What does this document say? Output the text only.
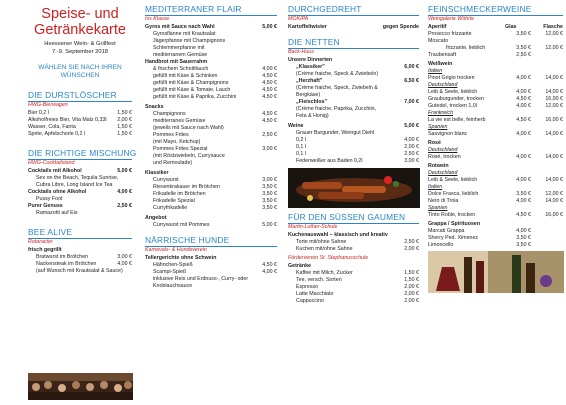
Speise- und
Getränkekarte
Heessener Wein- & Grillfest
7.-9. September 2018
WÄHLEN SIE NACH IHREN
WÜNSCHEN
DIE DURSTLÖSCHER
HWG-Bierwagen
Bier 0,2 l	1,50 €
Alkoholfreies Bier, Vita Malz 0,33l	2,00 €
Wasser, Cola, Fanta	1,50 €
Sprite, Apfelschorle 0,2 l	1,50 €
DIE RICHTIGE MISCHUNG
HWG-Cocktailstand
Cocktails mit Alkohol	5,00 €
Sex on the Beach, Tequila Sunrise,
Cubra Libre, Long Island Ice Tea
Cocktails ohne Alkohol	4,00 €
Pussy Foot
Purer Genuss	2,50 €
Ramazotti auf Eis
BEE ALIVE
Rotaracter
frisch gegrillt
Bratwurst im Brötchen	3,00 €
Nackensteak im Brötchen	4,00 €
(auf Wunsch mit Krautsalat & Sauce)
MEDITERRANER FLAIR
Iss Klasse
Gyros mit Sauce nach Wahl	5,00 €
Gyrosflanne mit Krautsalat
Jägerpfanne mit Champignons
Schlemmerpfanne mit
mediterranem Gemüse
Handbrot mit Sauerrahm
& frischem Schnittlauch	4,00 €
gefüllt mit Käse & Schinken	4,50 €
gefüllt mit Käse & Champignons	4,50 €
gefüllt mit Käse & Tomate, Lauch	4,50 €
gefüllt mit Käse & Paprika, Zucchini	4,50 €
Snacks
Champignons	4,50 €
mediterranes Gemüse	4,50 €
(jeweils mit Sauce nach Wahl)
Pommes Frites	2,50 €
(mit Mayo, Ketchup)
Pommes Frites Spezial	3,00 €
(mit Röstzwiebeln, Currysauce
und Remoulade)
Klassiker
Currywurst	3,00 €
Riesenkrakauer im Brötchen	3,50 €
Frikadelle im Brötchen	3,50 €
Frikadelle Spezial	3,50 €
Curryfrikadelle	3,50 €
Angebot
Currywurst mit Pommes	5,00 €
NÄRRISCHE HUNDE
Karnevals- & Hundeverein
Tellergerichte ohne Schwein
Hähnchen-Spieß	4,50 €
Scampi-Spieß	4,00 €
inklusive Reis und Erdnuss-, Curry- oder
Knoblauchsauce
DURCHGEDREHT
MOKIPA
Kartoffeltwister	gegen Spende
DIE NETTEN
Back-Huus
Unsere Dinnerten
„Klassiker"	6,00 €
(Crème fraiche, Speck & Zwiebeln)
„Herzhaft"	6,50 €
(Crème fraiche, Speck, Zwiebeln &
Bergkäse)
„Fleischlos"	7,00 €
(Crème fraiche, Paprika, Zucchini,
Feta & Honig)
Weine	5,00 €
Grauer Burgunder, Weingut Diehl
0,2 l	4,00 €
0,1 l	2,00 €
0,1 l	2,50 €
Federweißer aus Baden 0,2l	3,00 €
FÜR DEN SÜSSEN GAUMEN
Martin-Luther-Schule
Kuchenauswahl – klassisch und kreativ
Torte mit/ohne Sahne	2,50 €
Kuchen mit/ohne Sahne	2,00 €
Förderverein St. Stephanusschule
Getränke
Kaffee mit Milch, Zucker	1,50 €
Tee, versch. Sorten	1,50 €
Espresso	2,00 €
Latte Macchiato	2,00 €
Cappuccino	2,00 €
FEINSCHMECKERWEINE
Weingalerie Wöhrle
Aperitif	Glas	Flasche
Prosecco frizzante	3,50 €	12,00 €
Moscato
frizzante, lieblich	3,50 €	12,00 €
Traubensaft	2,50 €
Weißwein
Italien
Pinot Grigio trocken	4,00 €	14,00 €
Deutschland
Leib & Seele, lieblich	4,00 €	14,00 €
Grauburgunder, trocken	4,50 €	16,00 €
Gutedel, trocken 1,0l	4,00 €	12,00 €
Frankreich
La vie est belle, feinherb	4,50 €	16,00 €
Spanien
Sauvignon blanc	4,00 €	14,00 €
Rosé
Deutschland
Rosé, trocken	4,00 €	14,00 €
Rotwein
Deutschland
Leib & Seele, lieblich	4,00 €	14,00 €
Italien
Dolce Frasca, lieblich	3,50 €	12,00 €
Nero di Troia	4,00 €	14,00 €
Spanien
Tinto Roble, trocken	4,50 €	16,00 €
Grappa / Spirituosen
Marcati Grappa	4,00 €
Sherry Ped. Ximenez	3,50 €
Limoncello	3,50 €
